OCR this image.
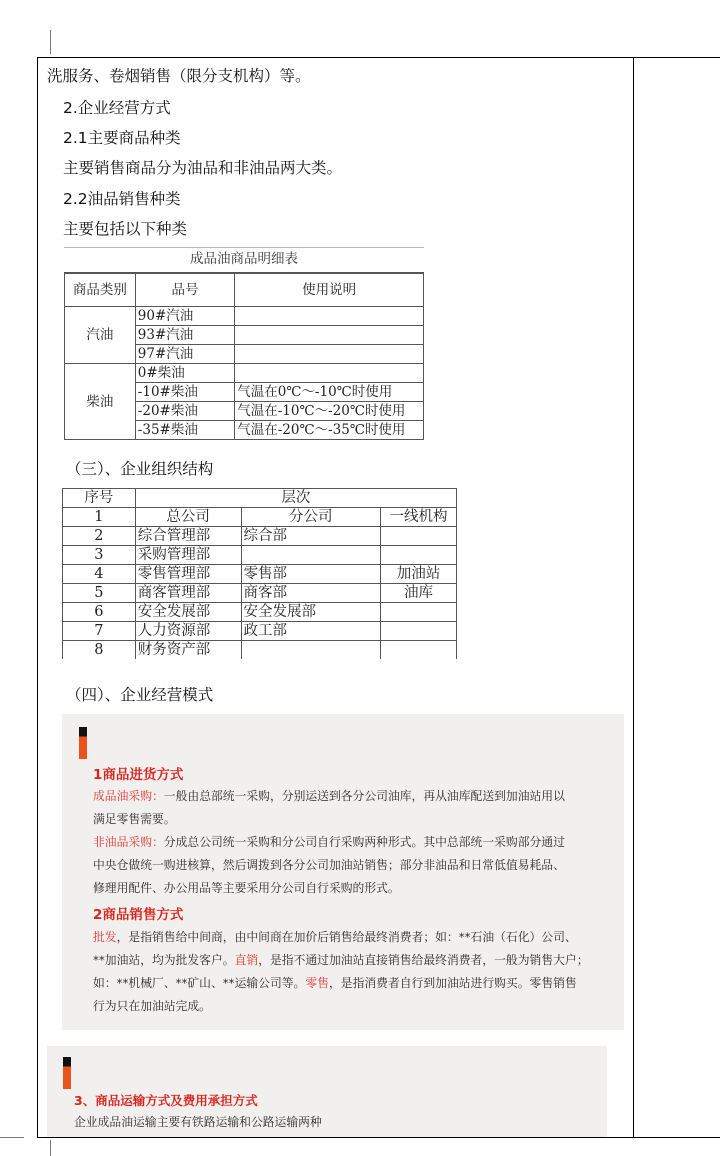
洗服务、卷烟销售（限分支机构）等。
2.企业经营方式
2.1主要商品种类
主要销售商品分为油品和非油品两大类。
2.2油品销售种类
主要包括以下种类
成品油商品明细表
商品类别	品号	使用说明
汽油	90#汽油	
	93#汽油	
	97#汽油	
柴油	0#柴油	
	-10#柴油	气温在0℃～-10℃时使用
	-20#柴油	气温在-10℃～-20℃时使用
	-35#柴油	气温在-20℃～-35℃时使用
（三）、企业组织结构
序号	层次		
1	总公司	分公司	一线机构
2	综合管理部	综合部	
3	采购管理部		
4	零售管理部	零售部	加油站
5	商客管理部	商客部	油库
6	安全发展部	安全发展部	
7	人力资源部	政工部	
8	财务资产部		
（四）、企业经营模式
1商品进货方式
成品油采购：一般由总部统一采购，分别运送到各分公司油库，再从油库配送到加油站用以
满足零售需要。
非油品采购：分成总公司统一采购和分公司自行采购两种形式。其中总部统一采购部分通过
中央仓做统一购进核算，然后调拨到各分公司加油站销售；部分非油品和日常低值易耗品、
修理用配件、办公用品等主要采用分公司自行采购的形式。
2商品销售方式
批发，是指销售给中间商，由中间商在加价后销售给最终消费者；如：**石油（石化）公司、
**加油站，均为批发客户。直销，是指不通过加油站直接销售给最终消费者，一般为销售大户；
如：**机械厂、**矿山、**运输公司等。零售，是指消费者自行到加油站进行购买。零售销售
行为只在加油站完成。
3、商品运输方式及费用承担方式
企业成品油运输主要有铁路运输和公路运输两种
